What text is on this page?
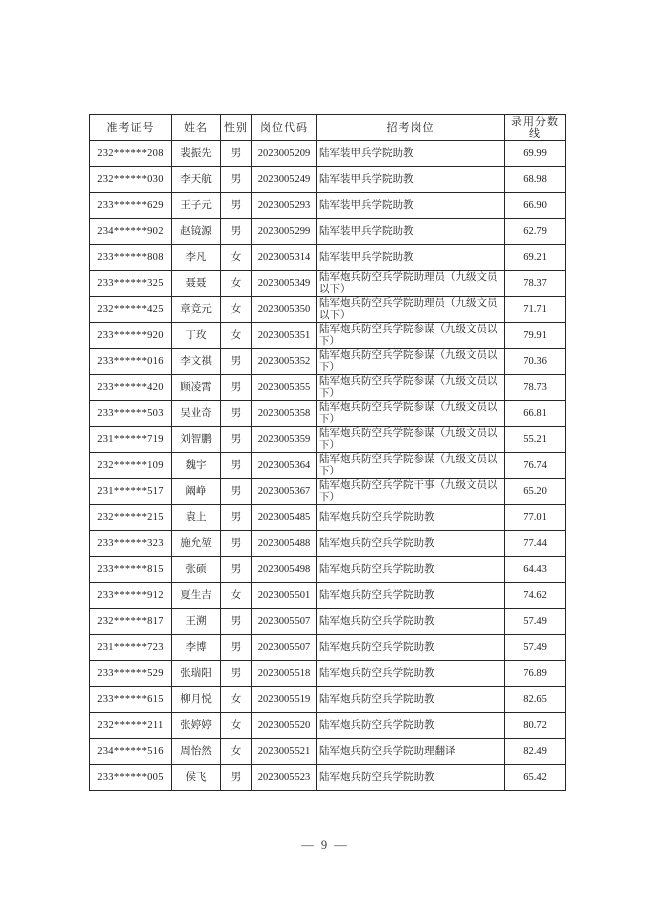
准考证号	姓名	性别	岗位代码	招考岗位	录用分数线
232******208	裴振先	男	2023005209	陆军装甲兵学院助教	69.99
232******030	李天航	男	2023005249	陆军装甲兵学院助教	68.98
233******629	王子元	男	2023005293	陆军装甲兵学院助教	66.90
234******902	赵镜源	男	2023005299	陆军装甲兵学院助教	62.79
233******808	李凡	女	2023005314	陆军装甲兵学院助教	69.21
233******325	聂聂	女	2023005349	陆军炮兵防空兵学院助理员（九级文员以下）	78.37
232******425	章竞元	女	2023005350	陆军炮兵防空兵学院助理员（九级文员以下）	71.71
233******920	丁玫	女	2023005351	陆军炮兵防空兵学院参谋（九级文员以下）	79.91
233******016	李文祺	男	2023005352	陆军炮兵防空兵学院参谋（九级文员以下）	70.36
233******420	顾凌霄	男	2023005355	陆军炮兵防空兵学院参谋（九级文员以下）	78.73
233******503	吴业奇	男	2023005358	陆军炮兵防空兵学院参谋（九级文员以下）	66.81
231******719	刘智鹏	男	2023005359	陆军炮兵防空兵学院参谋（九级文员以下）	55.21
232******109	魏宇	男	2023005364	陆军炮兵防空兵学院参谋（九级文员以下）	76.74
231******517	阚峥	男	2023005367	陆军炮兵防空兵学院干事（九级文员以下）	65.20
232******215	袁上	男	2023005485	陆军炮兵防空兵学院助教	77.01
233******323	施允堃	男	2023005488	陆军炮兵防空兵学院助教	77.44
233******815	张硕	男	2023005498	陆军炮兵防空兵学院助教	64.43
233******912	夏生吉	女	2023005501	陆军炮兵防空兵学院助教	74.62
232******817	王溯	男	2023005507	陆军炮兵防空兵学院助教	57.49
231******723	李博	男	2023005507	陆军炮兵防空兵学院助教	57.49
233******529	张瑞阳	男	2023005518	陆军炮兵防空兵学院助教	76.89
233******615	柳月悦	女	2023005519	陆军炮兵防空兵学院助教	82.65
232******211	张婷婷	女	2023005520	陆军炮兵防空兵学院助教	80.72
234******516	周怡然	女	2023005521	陆军炮兵防空兵学院助理翻译	82.49
233******005	侯飞	男	2023005523	陆军炮兵防空兵学院助教	65.42
— 9 —
